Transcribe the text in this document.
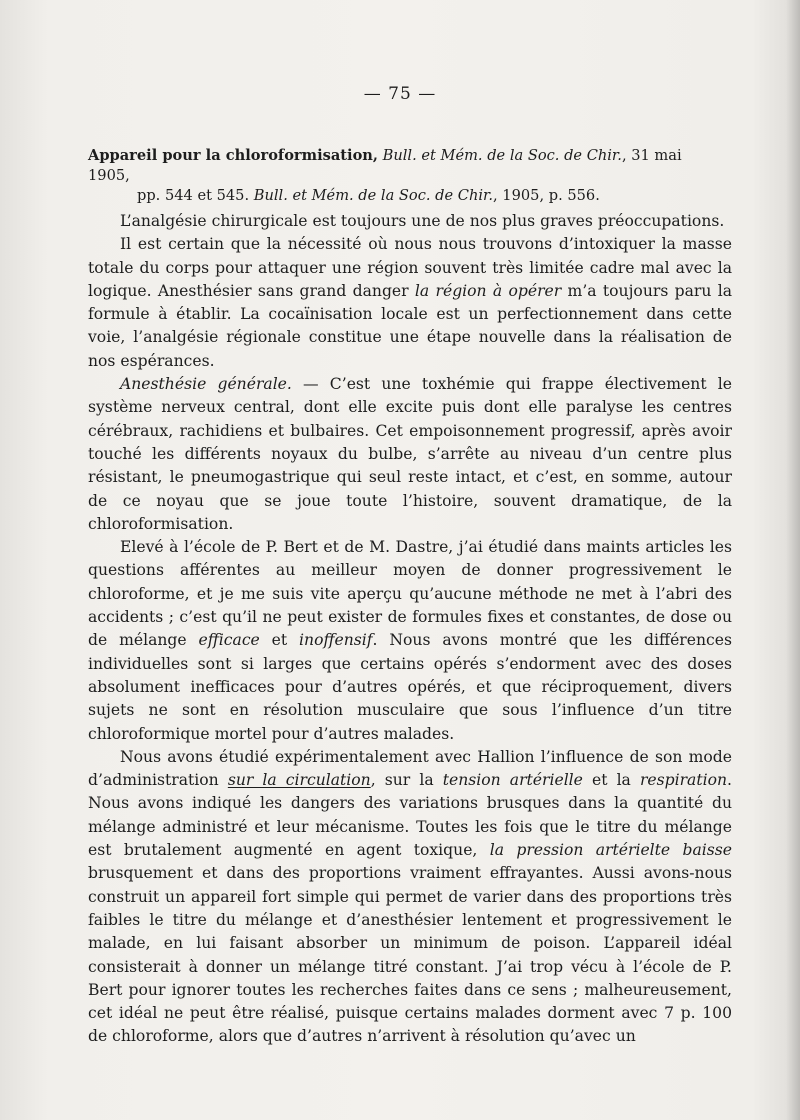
— 75 —
Appareil pour la chloroformisation, Bull. et Mém. de la Soc. de Chir., 31 mai 1905,
pp. 544 et 545. Bull. et Mém. de la Soc. de Chir., 1905, p. 556.

L’analgésie chirurgicale est toujours une de nos plus graves préoccupations.

Il est certain que la nécessité où nous nous trouvons d’intoxiquer la masse totale du corps pour attaquer une région souvent très limitée cadre mal avec la logique. Anesthésier sans grand danger la région à opérer m’a toujours paru la formule à établir. La cocaïnisation locale est un perfectionnement dans cette voie, l’analgésie régionale constitue une étape nouvelle dans la réalisation de nos espérances.

Anesthésie générale. — C’est une toxhémie qui frappe électivement le système nerveux central, dont elle excite puis dont elle paralyse les centres cérébraux, rachidiens et bulbaires. Cet empoisonnement progressif, après avoir touché les différents noyaux du bulbe, s’arrête au niveau d’un centre plus résistant, le pneumogastrique qui seul reste intact, et c’est, en somme, autour de ce noyau que se joue toute l’histoire, souvent dramatique, de la chloroformisation.

Elevé à l’école de P. Bert et de M. Dastre, j’ai étudié dans maints articles les questions afférentes au meilleur moyen de donner progressivement le chloroforme, et je me suis vite aperçu qu’aucune méthode ne met à l’abri des accidents ; c’est qu’il ne peut exister de formules fixes et constantes, de dose ou de mélange efficace et inoffensif. Nous avons montré que les différences individuelles sont si larges que certains opérés s’endorment avec des doses absolument inefficaces pour d’autres opérés, et que réciproquement, divers sujets ne sont en résolution musculaire que sous l’influence d’un titre chloroformique mortel pour d’autres malades.

Nous avons étudié expérimentalement avec Hallion l’influence de son mode d’administration sur la circulation, sur la tension artérielle et la respiration. Nous avons indiqué les dangers des variations brusques dans la quantité du mélange administré et leur mécanisme. Toutes les fois que le titre du mélange est brutalement augmenté en agent toxique, la pression artérielte baisse brusquement et dans des proportions vraiment effrayantes. Aussi avons-nous construit un appareil fort simple qui permet de varier dans des proportions très faibles le titre du mélange et d’anesthésier lentement et progressivement le malade, en lui faisant absorber un minimum de poison. L’appareil idéal consisterait à donner un mélange titré constant. J’ai trop vécu à l’école de P. Bert pour ignorer toutes les recherches faites dans ce sens ; malheureusement, cet idéal ne peut être réalisé, puisque certains malades dorment avec 7 p. 100 de chloroforme, alors que d’autres n’arrivent à résolution qu’avec un
